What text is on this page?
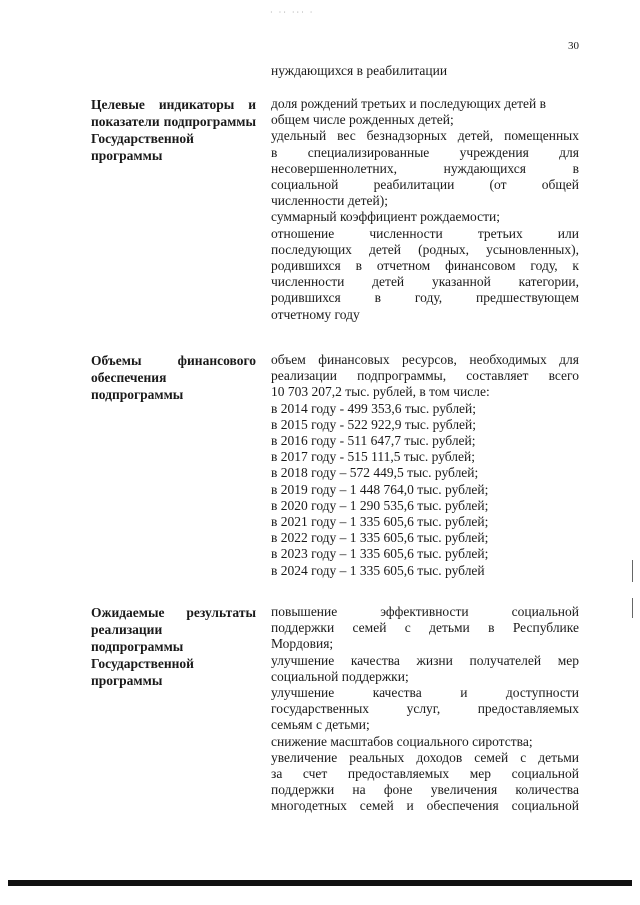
· ·‧ ·‧· ·
30
нуждающихся в реабилитации
Целевые индикаторы и показатели подпрограммы Государственной программы
доля рождений третьих и последующих детей в
общем числе рожденных детей;
удельный вес безнадзорных детей, помещенных
в специализированные учреждения для
несовершеннолетних, нуждающихся в
социальной реабилитации (от общей
численности детей);
суммарный коэффициент рождаемости;
отношение численности третьих или
последующих детей (родных, усыновленных),
родившихся в отчетном финансовом году, к
численности детей указанной категории,
родившихся в году, предшествующем
отчетному году
Объемы финансового обеспечения подпрограммы
объем финансовых ресурсов, необходимых для
реализации подпрограммы, составляет всего
10 703 207,2 тыс. рублей, в том числе:
в 2014 году - 499 353,6 тыс. рублей;
в 2015 году - 522 922,9 тыс. рублей;
в 2016 году - 511 647,7 тыс. рублей;
в 2017 году - 515 111,5 тыс. рублей;
в 2018 году – 572 449,5 тыс. рублей;
в 2019 году – 1 448 764,0 тыс. рублей;
в 2020 году – 1 290 535,6 тыс. рублей;
в 2021 году – 1 335 605,6 тыс. рублей;
в 2022 году – 1 335 605,6 тыс. рублей;
в 2023 году – 1 335 605,6 тыс. рублей;
в 2024 году – 1 335 605,6 тыс. рублей
Ожидаемые результаты реализации подпрограммы Государственной программы
повышение эффективности социальной
поддержки семей с детьми в Республике
Мордовия;
улучшение качества жизни получателей мер
социальной поддержки;
улучшение качества и доступности
государственных услуг, предоставляемых
семьям с детьми;
снижение масштабов социального сиротства;
увеличение реальных доходов семей с детьми
за счет предоставляемых мер социальной
поддержки на фоне увеличения количества
многодетных семей и обеспечения социальной
